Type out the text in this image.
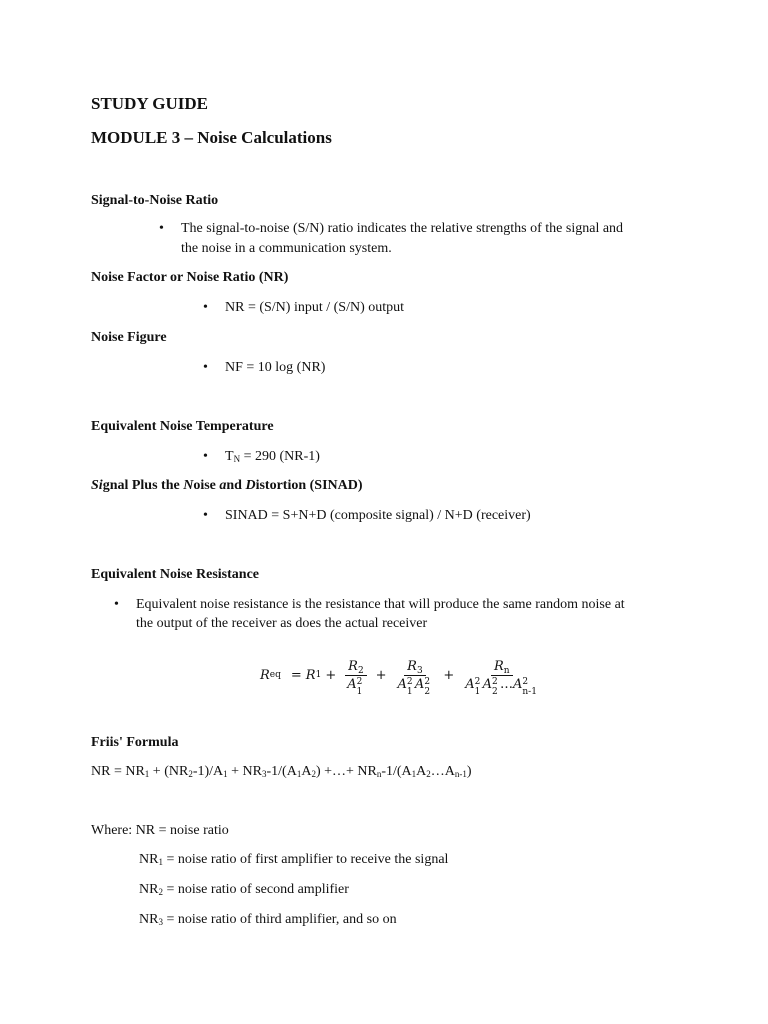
STUDY GUIDE
MODULE 3 – Noise Calculations
Signal-to-Noise Ratio
• The signal-to-noise (S/N) ratio indicates the relative strengths of the signal and
the noise in a communication system.
Noise Factor or Noise Ratio (NR)
• NR = (S/N) input / (S/N) output
Noise Figure
• NF = 10 log (NR)
Equivalent Noise Temperature
• $T_N = 290$ (NR-1)
Signal Plus the Noise and Distortion (SINAD)
• SINAD = S+N+D (composite signal) / N+D (receiver)
Equivalent Noise Resistance
• Equivalent noise resistance is the resistance that will produce the same random noise at
the output of the receiver as does the actual receiver
R eq = R $1 + R_2$
A 2
$1 + R_3$
A 2
1 A 2
$2 + R_n$
A 2
1 A 2
2 …A 2
n-1
Friis' Formula
NR = $NR_1 + (NR_2-1)/A_1 + NR_3-1/(A_1A_2)$ +…+ $NR_n-1/(A_1A_2\dots A_{n-1})$
Where: NR = noise ratio
$NR_1$ = noise ratio of first amplifier to receive the signal
$NR_2$ = noise ratio of second amplifier
$NR_3$ = noise ratio of third amplifier, and so on
